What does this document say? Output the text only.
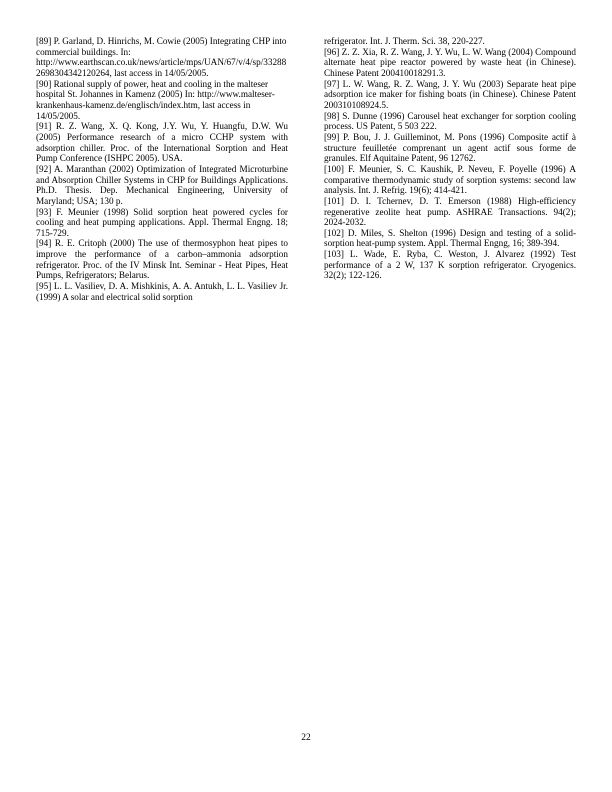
[89] P. Garland, D. Hinrichs, M. Cowie (2005) Integrating CHP into commercial buildings. In: http://www.earthscan.co.uk/news/article/mps/UAN/67/v/4/sp/332882698304342120264, last access in 14/05/2005.

[90] Rational supply of power, heat and cooling in the malteser hospital St. Johannes in Kamenz (2005) In: http://www.malteser-krankenhaus-kamenz.de/englisch/index.htm, last access in 14/05/2005.

[91] R. Z. Wang, X. Q. Kong, J.Y. Wu, Y. Huangfu, D.W. Wu (2005) Performance research of a micro CCHP system with adsorption chiller. Proc. of the International Sorption and Heat Pump Conference (ISHPC 2005). USA.

[92] A. Maranthan (2002) Optimization of Integrated Microturbine and Absorption Chiller Systems in CHP for Buildings Applications. Ph.D. Thesis. Dep. Mechanical Engineering, University of Maryland; USA; 130 p.

[93] F. Meunier (1998) Solid sorption heat powered cycles for cooling and heat pumping applications. Appl. Thermal Engng. 18; 715-729.

[94] R. E. Critoph (2000) The use of thermosyphon heat pipes to improve the performance of a carbon–ammonia adsorption refrigerator. Proc. of the IV Minsk Int. Seminar - Heat Pipes, Heat Pumps, Refrigerators; Belarus.

[95] L. L. Vasiliev, D. A. Mishkinis, A. A. Antukh, L. L. Vasiliev Jr. (1999) A solar and electrical solid sorption

refrigerator. Int. J. Therm. Sci. 38, 220-227.

[96] Z. Z. Xia, R. Z. Wang, J. Y. Wu, L. W. Wang (2004) Compound alternate heat pipe reactor powered by waste heat (in Chinese). Chinese Patent 200410018291.3.

[97] L. W. Wang, R. Z. Wang, J. Y. Wu (2003) Separate heat pipe adsorption ice maker for fishing boats (in Chinese). Chinese Patent 200310108924.5.

[98] S. Dunne (1996) Carousel heat exchanger for sorption cooling process. US Patent, 5 503 222.

[99] P. Bou, J. J. Guilleminot, M. Pons (1996) Composite actif à structure feuilletée comprenant un agent actif sous forme de granules. Elf Aquitaine Patent, 96 12762.

[100] F. Meunier, S. C. Kaushik, P. Neveu, F. Poyelle (1996) A comparative thermodynamic study of sorption systems: second law analysis. Int. J. Refrig. 19(6); 414-421.

[101] D. I. Tchernev, D. T. Emerson (1988) High-efficiency regenerative zeolite heat pump. ASHRAE Transactions. 94(2); 2024-2032.

[102] D. Miles, S. Shelton (1996) Design and testing of a solid-sorption heat-pump system. Appl. Thermal Engng, 16; 389-394.

[103] L. Wade, E. Ryba, C. Weston, J. Alvarez (1992) Test performance of a 2 W, 137 K sorption refrigerator. Cryogenics. 32(2); 122-126.

22
